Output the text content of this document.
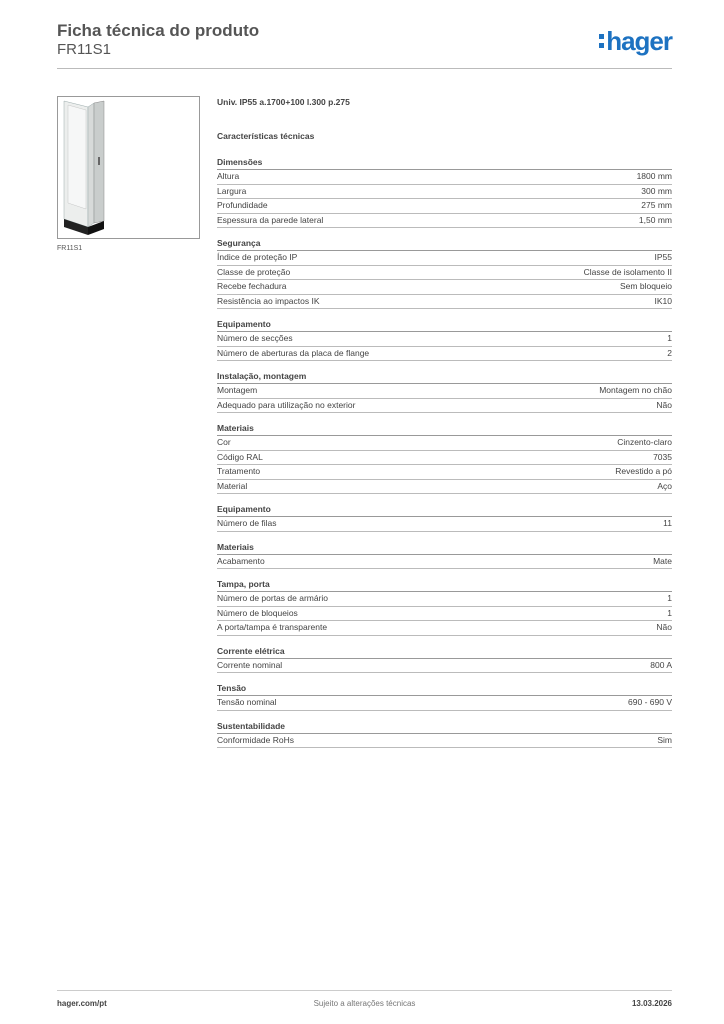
Ficha técnica do produto
FR11S1	hager
FR11S1
Univ. IP55 a.1700+100 l.300 p.275
Características técnicas
Dimensões
Altura	1800 mm
Largura	300 mm
Profundidade	275 mm
Espessura da parede lateral	1,50 mm
Segurança
Índice de proteção IP	IP55
Classe de proteção	Classe de isolamento II
Recebe fechadura	Sem bloqueio
Resistência ao impactos IK	IK10
Equipamento
Número de secções	1
Número de aberturas da placa de flange	2
Instalação, montagem
Montagem	Montagem no chão
Adequado para utilização no exterior	Não
Materiais
Cor	Cinzento-claro
Código RAL	7035
Tratamento	Revestido a pó
Material	Aço
Equipamento
Número de filas	11
Materiais
Acabamento	Mate
Tampa, porta
Número de portas de armário	1
Número de bloqueios	1
A porta/tampa é transparente	Não
Corrente elétrica
Corrente nominal	800 A
Tensão
Tensão nominal	690 - 690 V
Sustentabilidade
Conformidade RoHs	Sim
hager.com/pt	Sujeito a alterações técnicas	13.03.2026
